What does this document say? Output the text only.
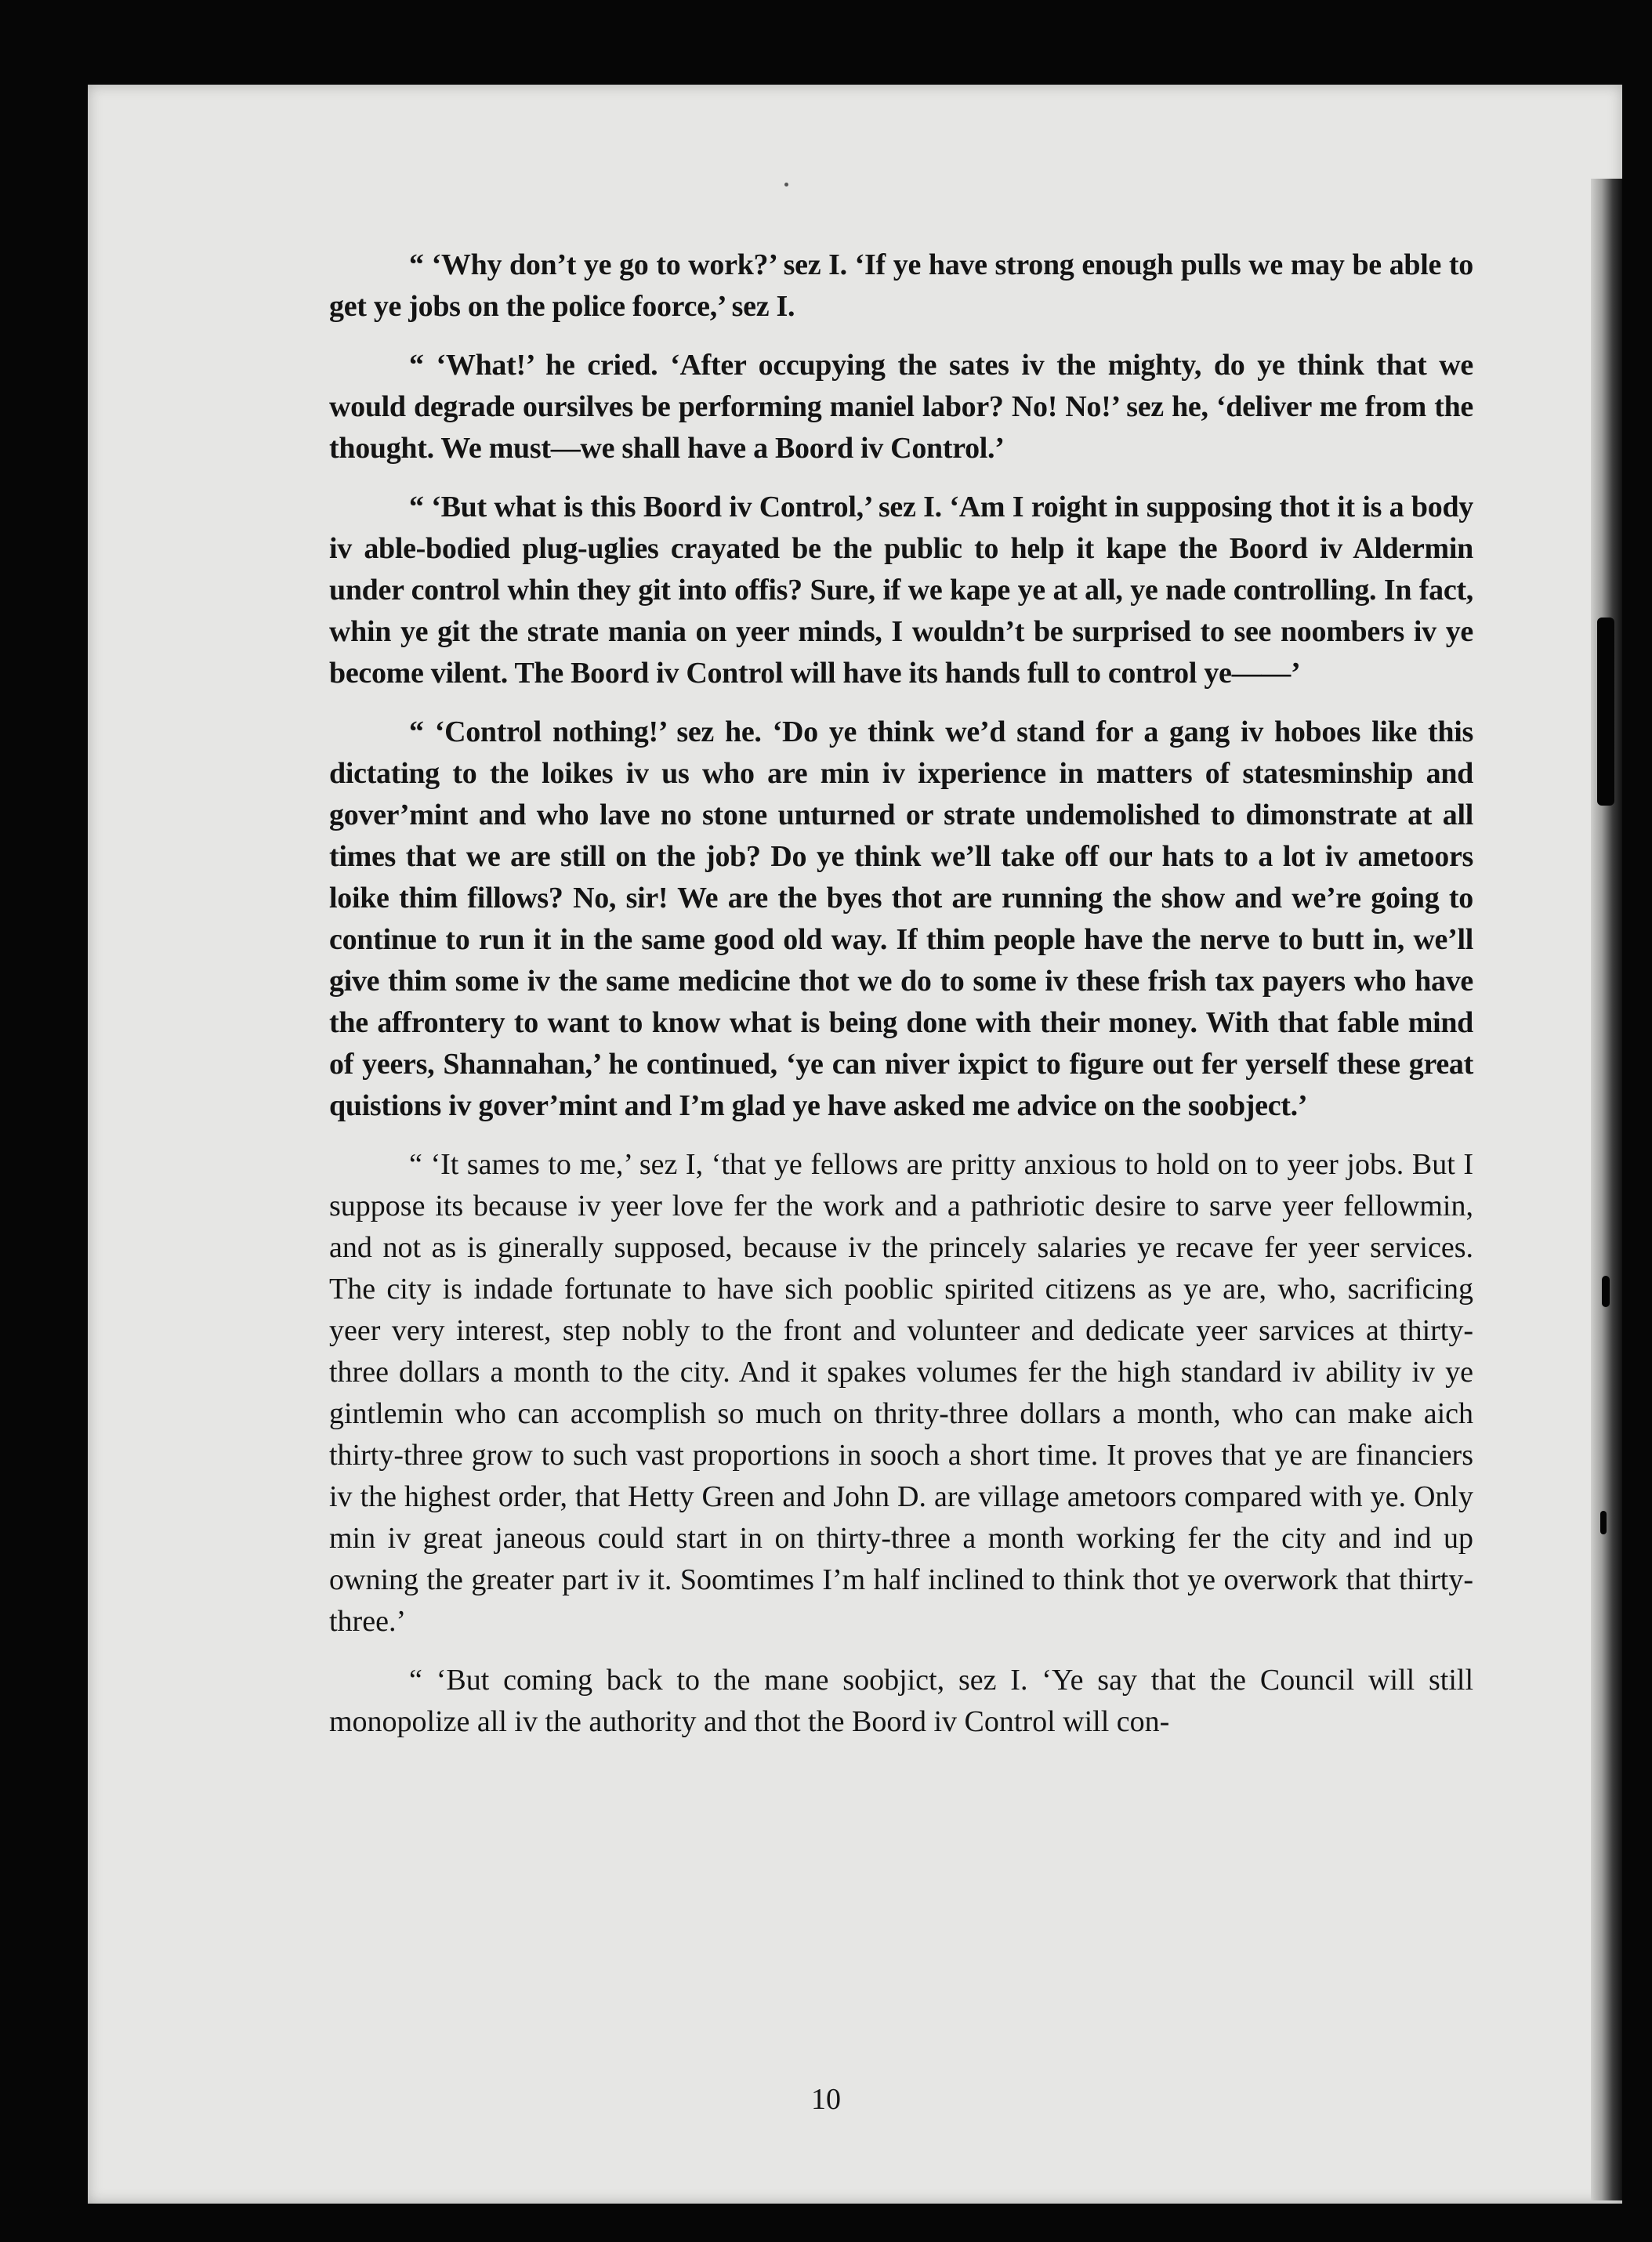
“ ‘Why don’t ye go to work?’ sez I. ‘If ye have strong enough pulls we may be able to get ye jobs on the police foorce,’ sez I.

“ ‘What!’ he cried. ‘After occupying the sates iv the mighty, do ye think that we would degrade oursilves be performing maniel labor? No! No!’ sez he, ‘deliver me from the thought. We must—we shall have a Boord iv Control.’

“ ‘But what is this Boord iv Control,’ sez I. ‘Am I roight in supposing thot it is a body iv able-bodied plug-uglies crayated be the public to help it kape the Boord iv Aldermin under control whin they git into offis? Sure, if we kape ye at all, ye nade controlling. In fact, whin ye git the strate mania on yeer minds, I wouldn’t be surprised to see noombers iv ye become vilent. The Boord iv Control will have its hands full to control ye——’

“ ‘Control nothing!’ sez he. ‘Do ye think we’d stand for a gang iv hoboes like this dictating to the loikes iv us who are min iv ixperience in matters of statesminship and gover’mint and who lave no stone unturned or strate undemolished to dimonstrate at all times that we are still on the job? Do ye think we’ll take off our hats to a lot iv ametoors loike thim fillows? No, sir! We are the byes thot are running the show and we’re going to continue to run it in the same good old way. If thim people have the nerve to butt in, we’ll give thim some iv the same medicine thot we do to some iv these frish tax payers who have the affrontery to want to know what is being done with their money. With that fable mind of yeers, Shannahan,’ he continued, ‘ye can niver ixpict to figure out fer yerself these great quistions iv gover’mint and I’m glad ye have asked me advice on the soobject.’

“ ‘It sames to me,’ sez I, ‘that ye fellows are pritty anxious to hold on to yeer jobs. But I suppose its because iv yeer love fer the work and a pathriotic desire to sarve yeer fellowmin, and not as is ginerally supposed, because iv the princely salaries ye recave fer yeer services. The city is indade fortunate to have sich pooblic spirited citizens as ye are, who, sacrificing yeer very interest, step nobly to the front and volunteer and dedicate yeer sarvices at thirty-three dollars a month to the city. And it spakes volumes fer the high standard iv ability iv ye gintlemin who can accomplish so much on thrity-three dollars a month, who can make aich thirty-three grow to such vast proportions in sooch a short time. It proves that ye are financiers iv the highest order, that Hetty Green and John D. are village ametoors compared with ye. Only min iv great janeous could start in on thirty-three a month working fer the city and ind up owning the greater part iv it. Soomtimes I’m half inclined to think thot ye overwork that thirty-three.’

“ ‘But coming back to the mane soobjict, sez I. ‘Ye say that the Council will still monopolize all iv the authority and thot the Boord iv Control will con-

10
